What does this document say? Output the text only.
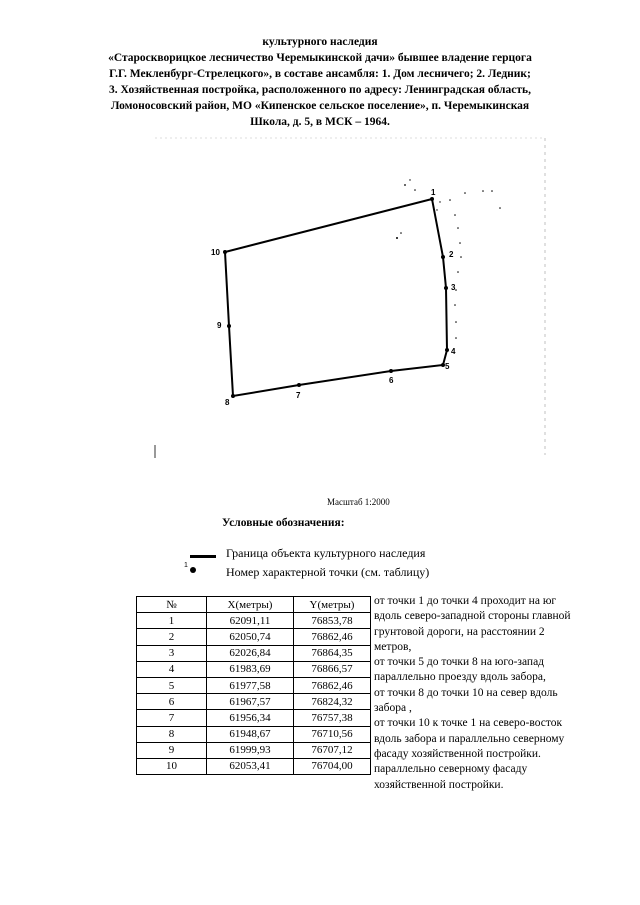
культурного наследия
«Староскворицкое лесничество Черемыкинской дачи» бывшее владение герцога
Г.Г. Мекленбург-Стрелецкого», в составе ансамбля: 1. Дом лесничего; 2. Ледник;
3. Хозяйственная постройка, расположенного по адресу: Ленинградская область,
Ломоносовский район, МО «Кипенское сельское поселение», п. Черемыкинская
Школа, д. 5, в МСК – 1964.
1
2
3
4
5
6
7
8
9
10
Масштаб 1:2000
Условные обозначения:
Граница объекта культурного наследия
1	Номер характерной точки (см. таблицу)
№	X(метры)	Y(метры)
1	62091,11	76853,78
2	62050,74	76862,46
3	62026,84	76864,35
4	61983,69	76866,57
5	61977,58	76862,46
6	61967,57	76824,32
7	61956,34	76757,38
8	61948,67	76710,56
9	61999,93	76707,12
10	62053,41	76704,00
от точки 1 до точки 4 проходит на юг
вдоль северо-западной стороны главной
грунтовой дороги, на расстоянии 2
метров,
от точки 5 до точки 8 на юго-запад
параллельно проезду вдоль забора,
от точки 8 до точки 10 на север вдоль
забора ,
от точки 10 к точке 1 на северо-восток
вдоль забора и параллельно северному
фасаду хозяйственной постройки.
параллельно северному фасаду
хозяйственной постройки.
